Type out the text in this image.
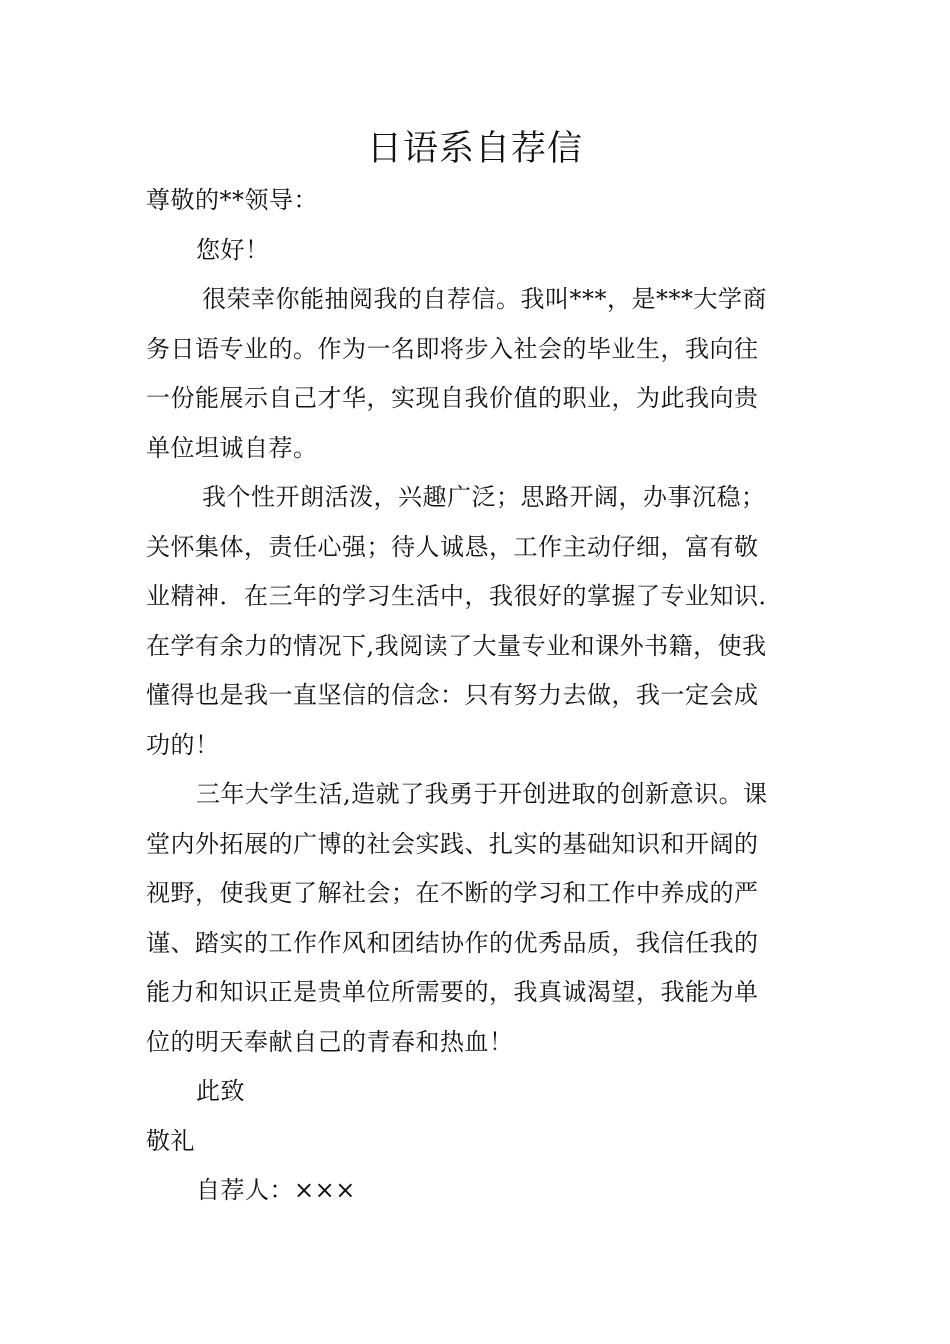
日语系自荐信
尊敬的**领导：
您好！
很荣幸你能抽阅我的自荐信。我叫***，是***大学商
务日语专业的。作为一名即将步入社会的毕业生，我向往
一份能展示自己才华，实现自我价值的职业，为此我向贵
单位坦诚自荐。
我个性开朗活泼，兴趣广泛；思路开阔，办事沉稳；
关怀集体，责任心强；待人诚恳，工作主动仔细，富有敬
业精神．在三年的学习生活中，我很好的掌握了专业知识．
在学有余力的情况下,我阅读了大量专业和课外书籍，使我
懂得也是我一直坚信的信念：只有努力去做，我一定会成
功的！
三年大学生活,造就了我勇于开创进取的创新意识。课
堂内外拓展的广博的社会实践、扎实的基础知识和开阔的
视野，使我更了解社会；在不断的学习和工作中养成的严
谨、踏实的工作作风和团结协作的优秀品质，我信任我的
能力和知识正是贵单位所需要的，我真诚渴望，我能为单
位的明天奉献自己的青春和热血！
此致
敬礼
自荐人：×××
